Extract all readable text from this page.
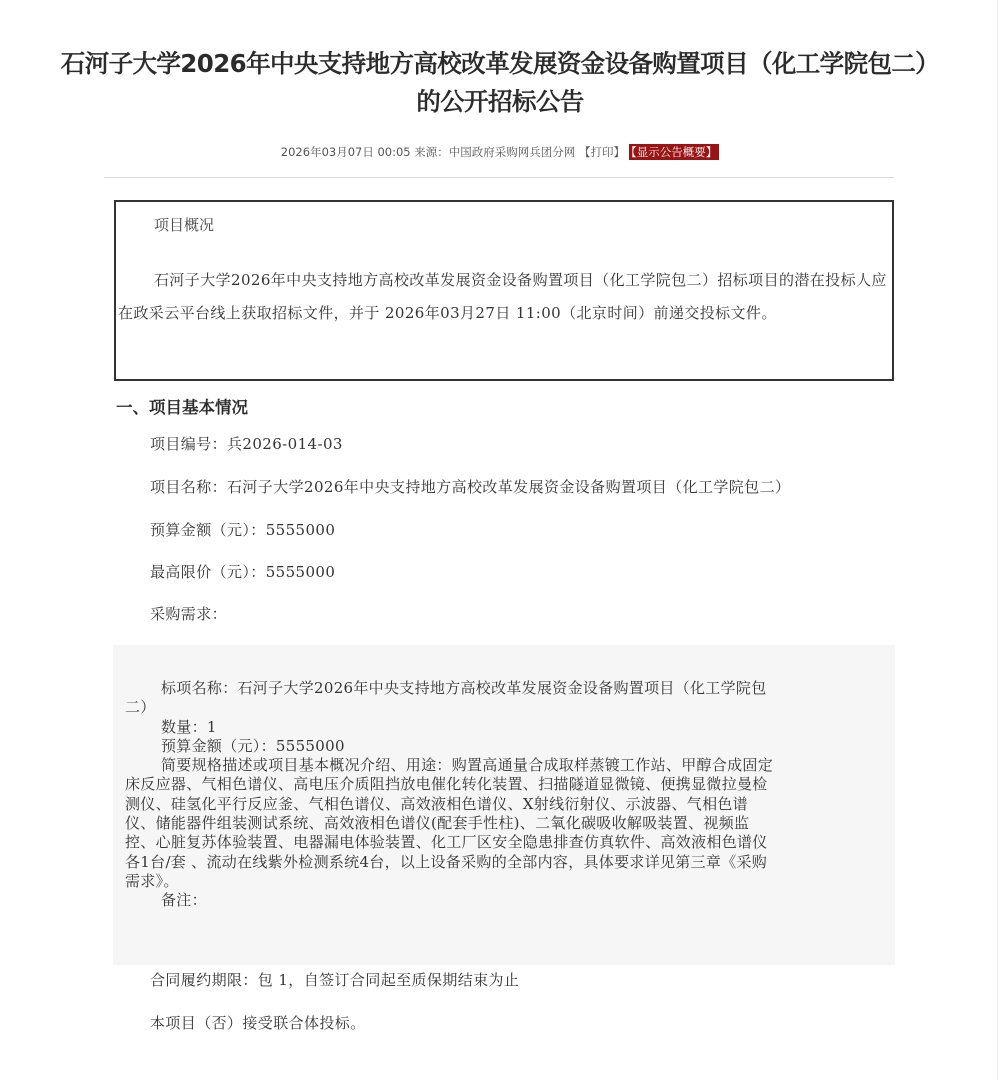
石河子大学2026年中央支持地方高校改革发展资金设备购置项目（化工学院包二）
的公开招标公告
2026年03月07日 00:05 来源：中国政府采购网兵团分网 【打印】 【显示公告概要】
项目概况
石河子大学2026年中央支持地方高校改革发展资金设备购置项目（化工学院包二）招标项目的潜在投标人应在政采云平台线上获取招标文件，并于 2026年03月27日 11:00（北京时间）前递交投标文件。
一、项目基本情况
项目编号：兵2026-014-03
项目名称：石河子大学2026年中央支持地方高校改革发展资金设备购置项目（化工学院包二）
预算金额（元）：5555000
最高限价（元）：5555000
采购需求：
标项名称：石河子大学2026年中央支持地方高校改革发展资金设备购置项目（化工学院包
二）
数量：1
预算金额（元）：5555000
简要规格描述或项目基本概况介绍、用途：购置高通量合成取样蒸镀工作站、甲醇合成固定
床反应器、气相色谱仪、高电压介质阻挡放电催化转化装置、扫描隧道显微镜、便携显微拉曼检
测仪、硅氢化平行反应釜、气相色谱仪、高效液相色谱仪、X射线衍射仪、示波器、气相色谱
仪、储能器件组装测试系统、高效液相色谱仪(配套手性柱)、二氧化碳吸收解吸装置、视频监
控、心脏复苏体验装置、电器漏电体验装置、化工厂区安全隐患排查仿真软件、高效液相色谱仪
各1台/套 、流动在线紫外检测系统4台，以上设备采购的全部内容，具体要求详见第三章《采购
需求》。
备注：
合同履约期限：包 1，自签订合同起至质保期结束为止
本项目（否）接受联合体投标。
